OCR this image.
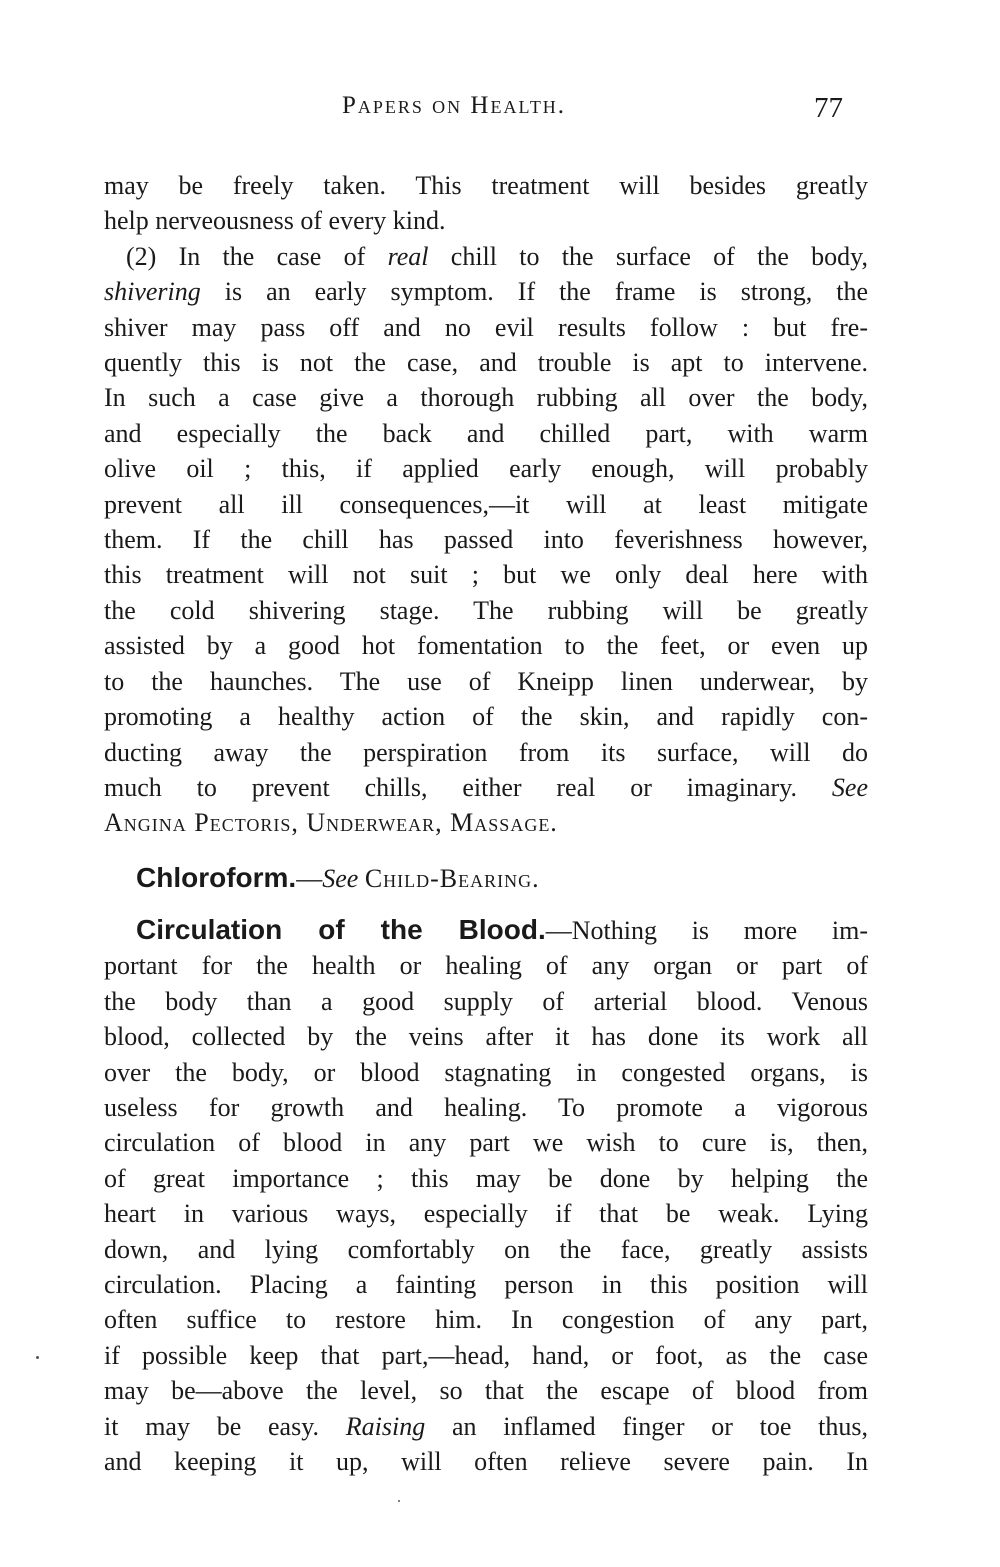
Papers on Health.	77
may be freely taken. This treatment will besides greatly
help nerveousness of every kind.
(2) In the case of real chill to the surface of the body,
shivering is an early symptom. If the frame is strong, the
shiver may pass off and no evil results follow : but fre-
quently this is not the case, and trouble is apt to intervene.
In such a case give a thorough rubbing all over the body,
and especially the back and chilled part, with warm
olive oil ; this, if applied early enough, will probably
prevent all ill consequences,—it will at least mitigate
them. If the chill has passed into feverishness however,
this treatment will not suit ; but we only deal here with
the cold shivering stage. The rubbing will be greatly
assisted by a good hot fomentation to the feet, or even up
to the haunches. The use of Kneipp linen underwear, by
promoting a healthy action of the skin, and rapidly con-
ducting away the perspiration from its surface, will do
much to prevent chills, either real or imaginary. See
Angina Pectoris, Underwear, Massage.
Chloroform.—See Child-Bearing.
Circulation of the Blood.—Nothing is more im-
portant for the health or healing of any organ or part of
the body than a good supply of arterial blood. Venous
blood, collected by the veins after it has done its work all
over the body, or blood stagnating in congested organs, is
useless for growth and healing. To promote a vigorous
circulation of blood in any part we wish to cure is, then,
of great importance ; this may be done by helping the
heart in various ways, especially if that be weak. Lying
down, and lying comfortably on the face, greatly assists
circulation. Placing a fainting person in this position will
often suffice to restore him. In congestion of any part,
if possible keep that part,—head, hand, or foot, as the case
may be—above the level, so that the escape of blood from
it may be easy. Raising an inflamed finger or toe thus,
and keeping it up, will often relieve severe pain. In
